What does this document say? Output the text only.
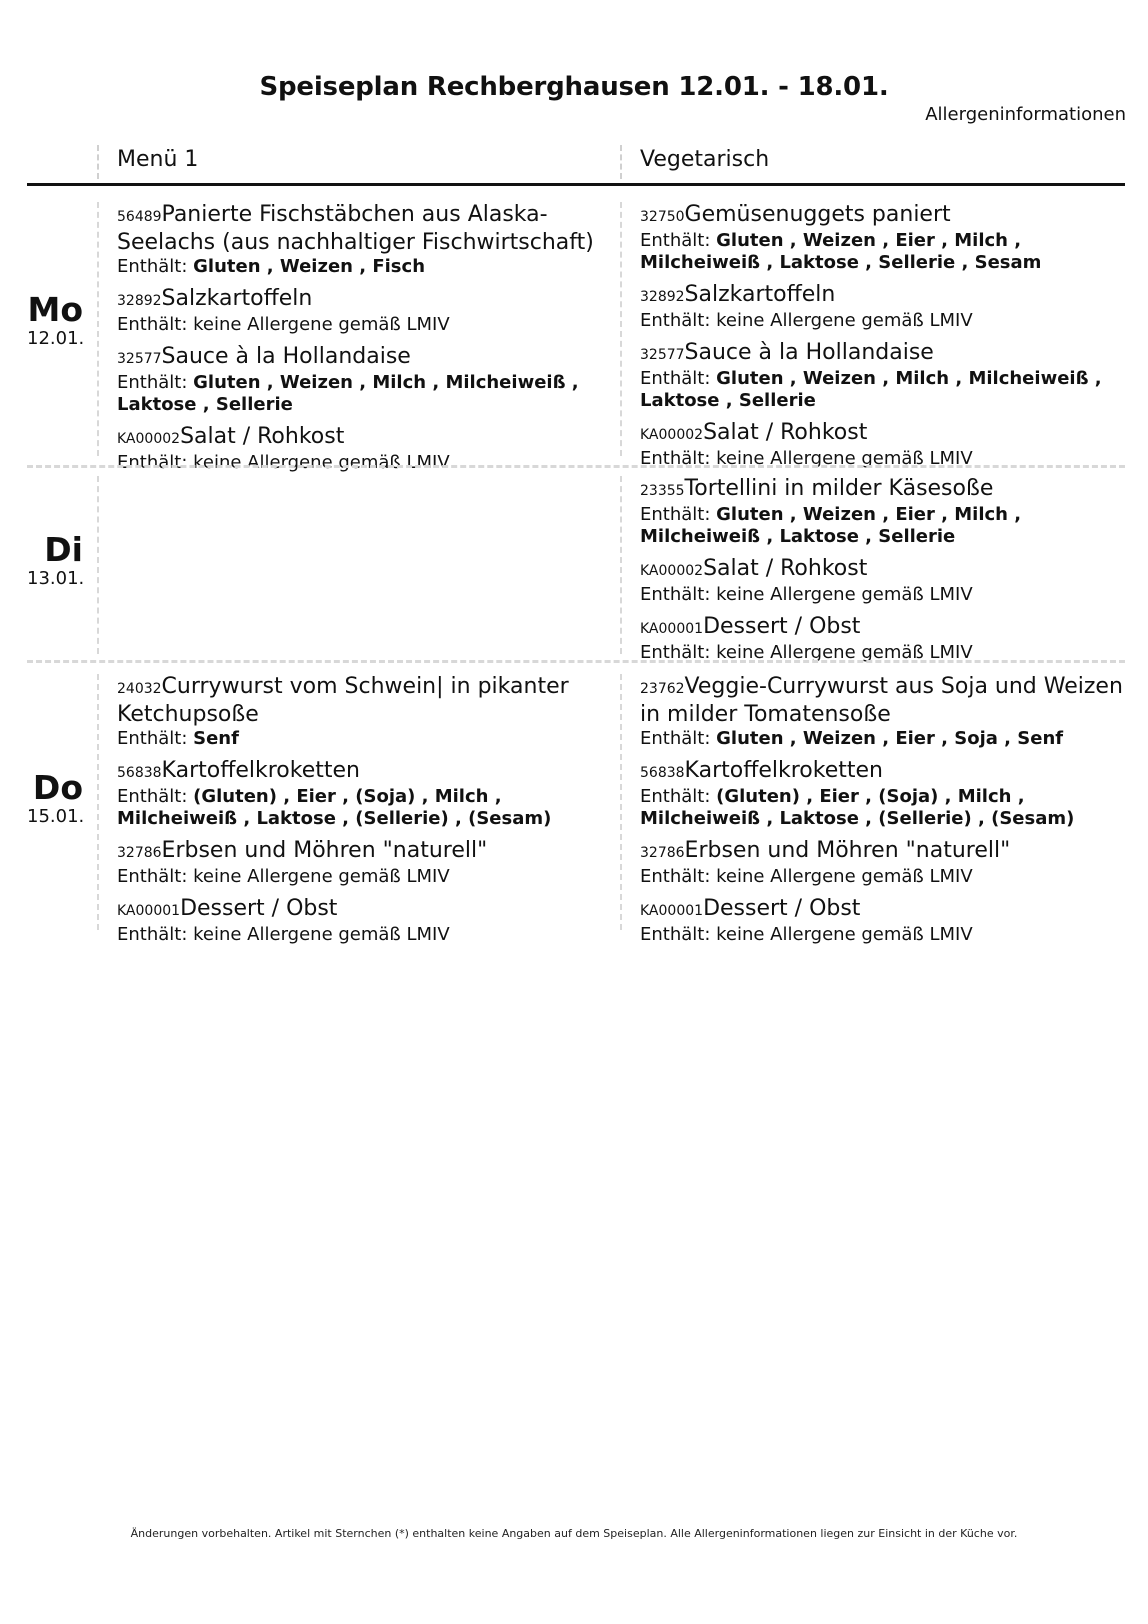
Speiseplan Rechberghausen 12.01. - 18.01.
Allergeninformationen
Menü 1	Vegetarisch
Mo
12.01.
56489Panierte Fischstäbchen aus Alaska-Seelachs (aus nachhaltiger Fischwirtschaft)
Enthält: Gluten , Weizen , Fisch
32892Salzkartoffeln
Enthält: keine Allergene gemäß LMIV
32577Sauce à la Hollandaise
Enthält: Gluten , Weizen , Milch , Milcheiweiß , Laktose , Sellerie
KA00002Salat / Rohkost
Enthält: keine Allergene gemäß LMIV
32750Gemüsenuggets paniert
Enthält: Gluten , Weizen , Eier , Milch , Milcheiweiß , Laktose , Sellerie , Sesam
32892Salzkartoffeln
Enthält: keine Allergene gemäß LMIV
32577Sauce à la Hollandaise
Enthält: Gluten , Weizen , Milch , Milcheiweiß , Laktose , Sellerie
KA00002Salat / Rohkost
Enthält: keine Allergene gemäß LMIV
Di
13.01.
23355Tortellini in milder Käsesoße
Enthält: Gluten , Weizen , Eier , Milch , Milcheiweiß , Laktose , Sellerie
KA00002Salat / Rohkost
Enthält: keine Allergene gemäß LMIV
KA00001Dessert / Obst
Enthält: keine Allergene gemäß LMIV
Do
15.01.
24032Currywurst vom Schwein| in pikanter Ketchupsoße
Enthält: Senf
56838Kartoffelkroketten
Enthält: (Gluten) , Eier , (Soja) , Milch , Milcheiweiß , Laktose , (Sellerie) , (Sesam)
32786Erbsen und Möhren "naturell"
Enthält: keine Allergene gemäß LMIV
KA00001Dessert / Obst
Enthält: keine Allergene gemäß LMIV
23762Veggie-Currywurst aus Soja und Weizen in milder Tomatensoße
Enthält: Gluten , Weizen , Eier , Soja , Senf
56838Kartoffelkroketten
Enthält: (Gluten) , Eier , (Soja) , Milch , Milcheiweiß , Laktose , (Sellerie) , (Sesam)
32786Erbsen und Möhren "naturell"
Enthält: keine Allergene gemäß LMIV
KA00001Dessert / Obst
Enthält: keine Allergene gemäß LMIV
Änderungen vorbehalten. Artikel mit Sternchen (*) enthalten keine Angaben auf dem Speiseplan. Alle Allergeninformationen liegen zur Einsicht in der Küche vor.
